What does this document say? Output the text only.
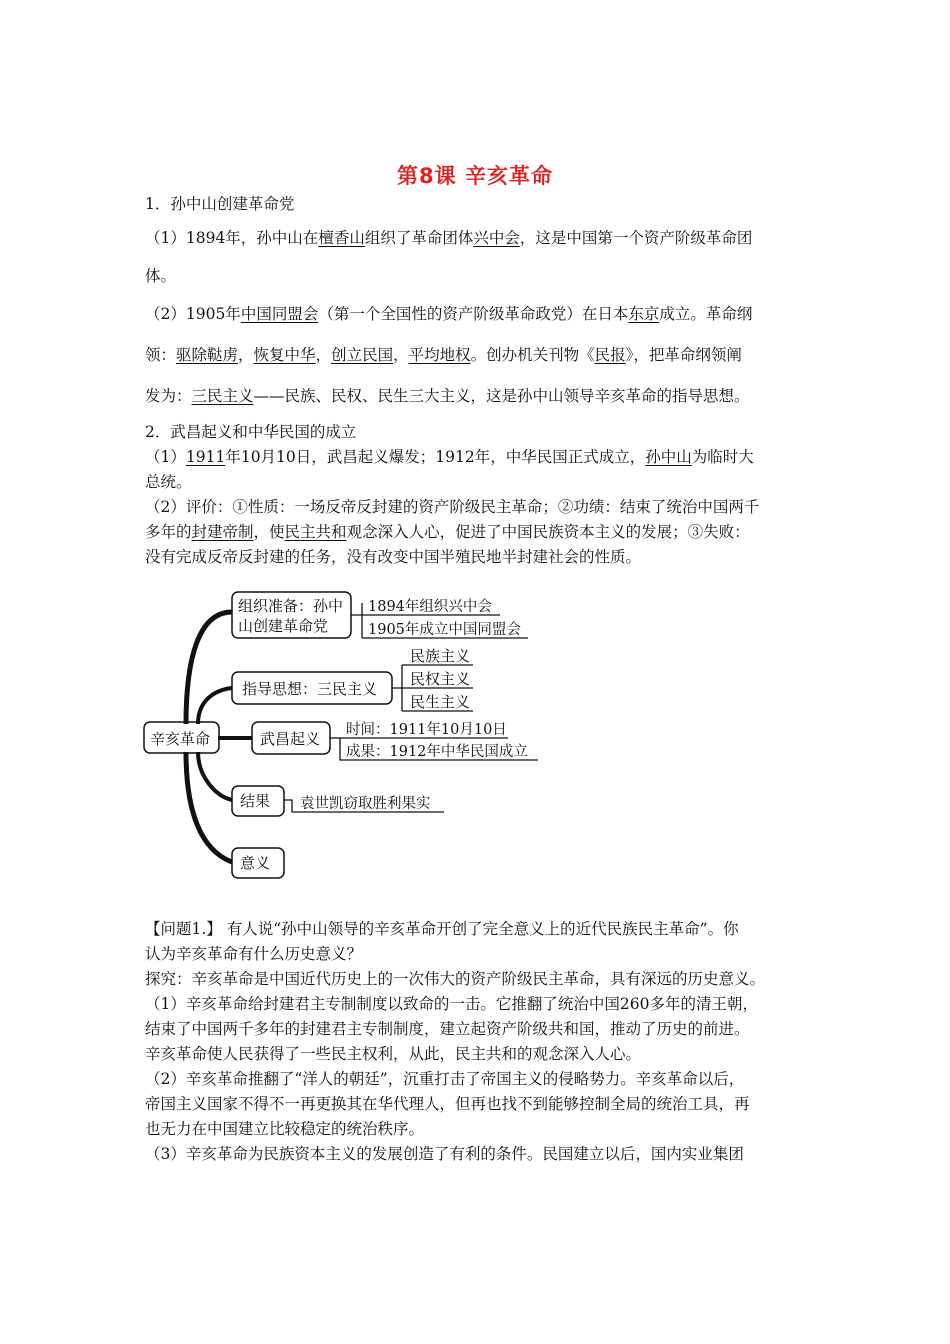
第8课 辛亥革命
1．孙中山创建革命党
（1）1894年，孙中山在檀香山组织了革命团体兴中会，这是中国第一个资产阶级革命团
体。
（2）1905年中国同盟会（第一个全国性的资产阶级革命政党）在日本东京成立。革命纲
领：驱除鞑虏，恢复中华，创立民国，平均地权。创办机关刊物《民报》，把革命纲领阐
发为：三民主义——民族、民权、民生三大主义，这是孙中山领导辛亥革命的指导思想。
2．武昌起义和中华民国的成立
（1）1911年10月10日，武昌起义爆发；1912年，中华民国正式成立，孙中山为临时大
总统。
（2）评价：①性质：一场反帝反封建的资产阶级民主革命；②功绩：结束了统治中国两千
多年的封建帝制，使民主共和观念深入人心，促进了中国民族资本主义的发展；③失败：
没有完成反帝反封建的任务，没有改变中国半殖民地半封建社会的性质。
辛亥革命
组织准备：孙中
山创建革命党
1894年组织兴中会
1905年成立中国同盟会
指导思想：三民主义
民族主义
民权主义
民生主义
武昌起义 时间：1911年10月10日
成果：1912年中华民国成立
结果 袁世凯窃取胜利果实
意义
【问题1.】 有人说“孙中山领导的辛亥革命开创了完全意义上的近代民族民主革命”。你
认为辛亥革命有什么历史意义？
探究：辛亥革命是中国近代历史上的一次伟大的资产阶级民主革命，具有深远的历史意义。
（1）辛亥革命给封建君主专制制度以致命的一击。它推翻了统治中国260多年的清王朝，
结束了中国两千多年的封建君主专制制度，建立起资产阶级共和国，推动了历史的前进。
辛亥革命使人民获得了一些民主权利，从此，民主共和的观念深入人心。
（2）辛亥革命推翻了“洋人的朝廷”，沉重打击了帝国主义的侵略势力。辛亥革命以后，
帝国主义国家不得不一再更换其在华代理人，但再也找不到能够控制全局的统治工具，再
也无力在中国建立比较稳定的统治秩序。
（3）辛亥革命为民族资本主义的发展创造了有利的条件。民国建立以后，国内实业集团
